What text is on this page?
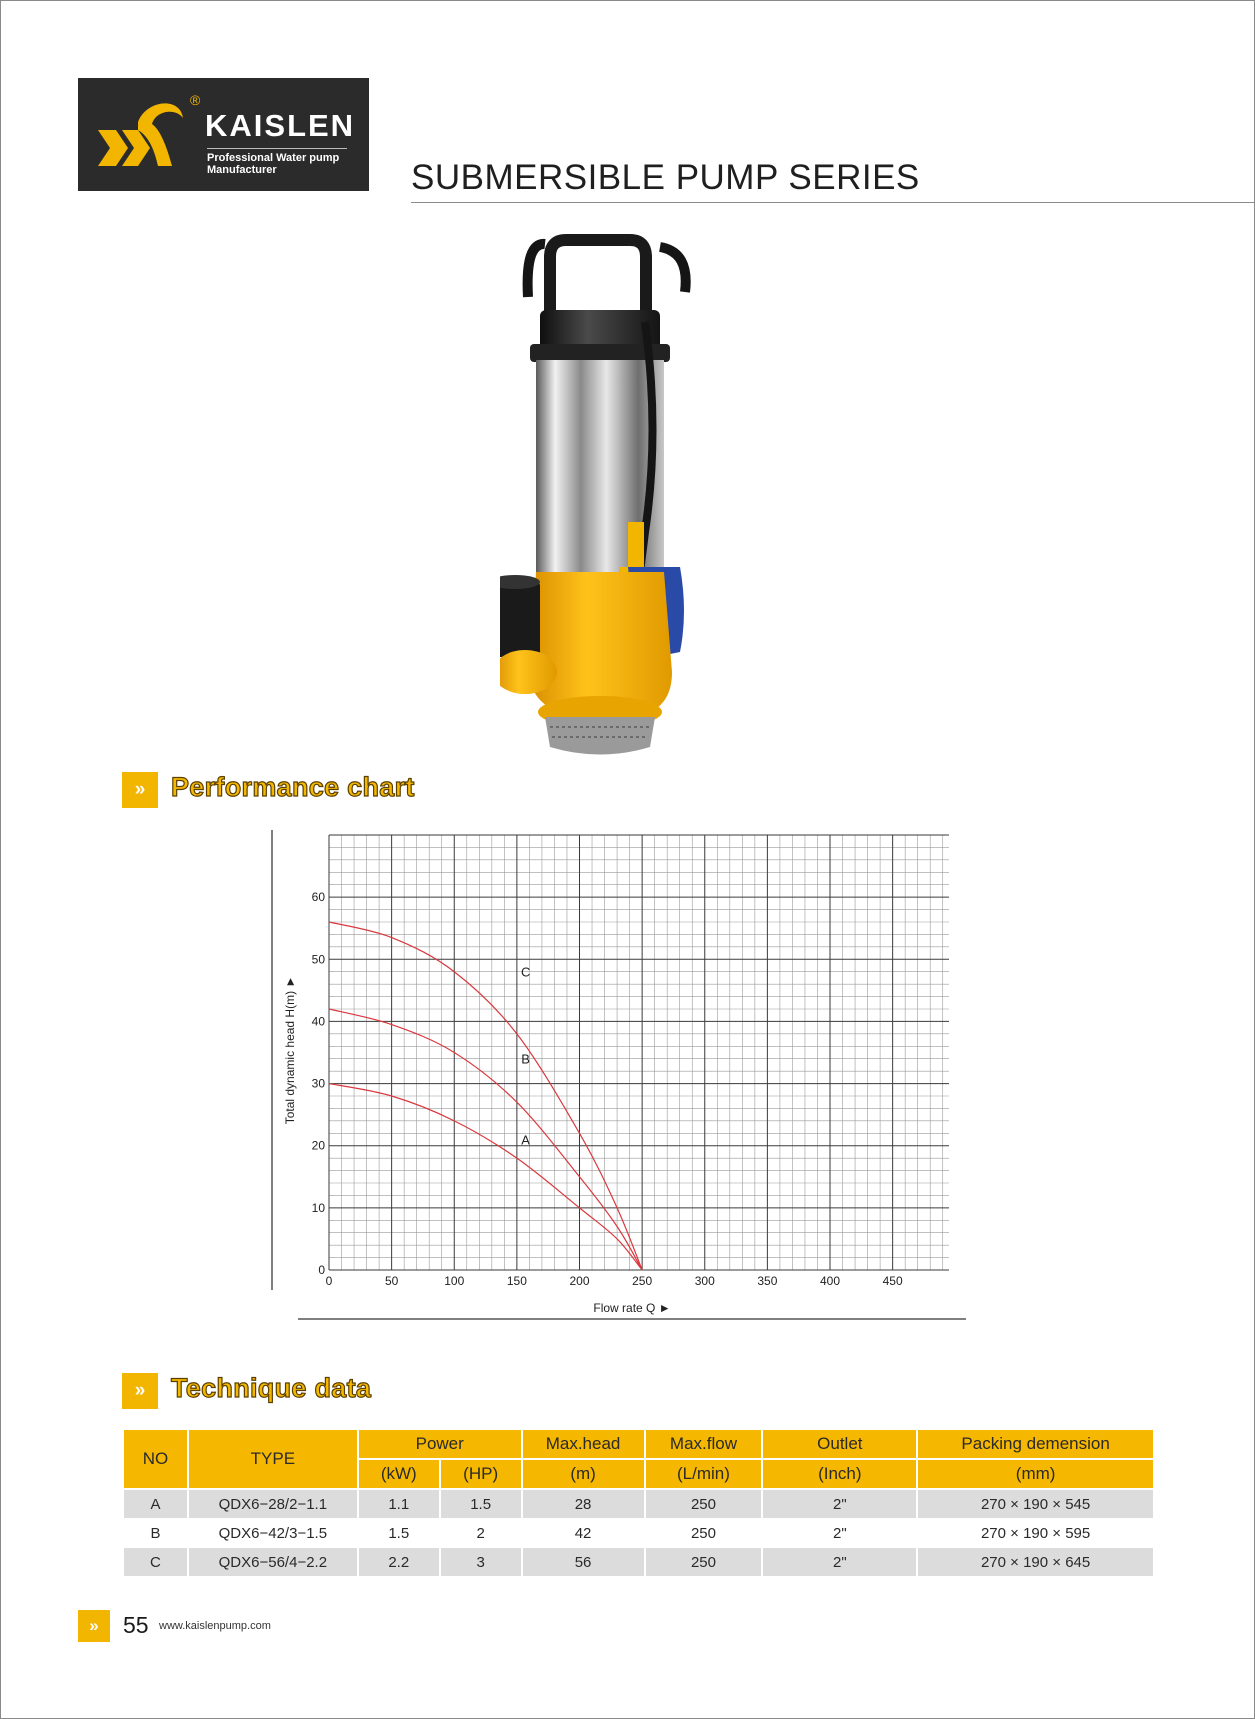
®
KAISLEN
Professional Water pump
Manufacturer	SUBMERSIBLE PUMP SERIES
» Performance chart
0	50	100	150	200	250	300	350	400	450
0
10
20
30
40
50
60
A
B
C
Flow rate Q ►
Total dynamic head H(m) ►
» Technique data
NO	TYPE	Power		Max.head	Max.flow	Outlet	Packing demension
		(kW)	(HP)	(m)	(L/min)	(Inch)	(mm)
A	QDX6−28/2−1.1	1.1	1.5	28	250	2"	270 × 190 × 545
B	QDX6−42/3−1.5	1.5	2	42	250	2"	270 × 190 × 595
C	QDX6−56/4−2.2	2.2	3	56	250	2"	270 × 190 × 645
»	55 www.kaislenpump.com
